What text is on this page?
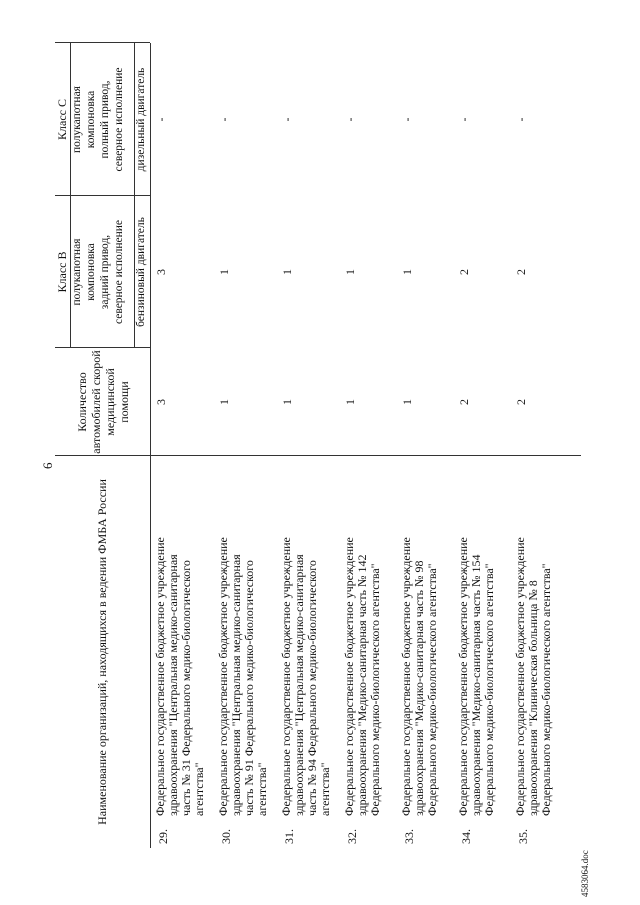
6
Наименование организаций, находящихся в ведении ФМБА России
Количество автомобилей скорой медицинской помощи
Класс В
Класс С
полукапотная компоновка задний привод, северное исполнение бензиновый двигатель
полукапотная компоновка полный привод, северное исполнение дизельный двигатель
29.
Федеральное государственное бюджетное учреждение здравоохранения "Центральная медико-санитарная часть № 31 Федерального медико-биологического агентства"
3
3
-
30.
Федеральное государственное бюджетное учреждение здравоохранения "Центральная медико-санитарная часть № 91 Федерального медико-биологического агентства"
1
1
-
31.
Федеральное государственное бюджетное учреждение здравоохранения "Центральная медико-санитарная часть № 94 Федерального медико-биологического агентства"
1
1
-
32.
Федеральное государственное бюджетное учреждение здравоохранения "Медико-санитарная часть № 142 Федерального медико-биологического агентства"
1
1
-
33.
Федеральное государственное бюджетное учреждение здравоохранения "Медико-санитарная часть № 98 Федерального медико-биологического агентства"
1
1
-
34.
Федеральное государственное бюджетное учреждение здравоохранения "Медико-санитарная часть № 154 Федерального медико-биологического агентства"
2
2
-
35.
Федеральное государственное бюджетное учреждение здравоохранения "Клиническая больница № 8 Федерального медико-биологического агентства"
2
2
-
4583064.doc
